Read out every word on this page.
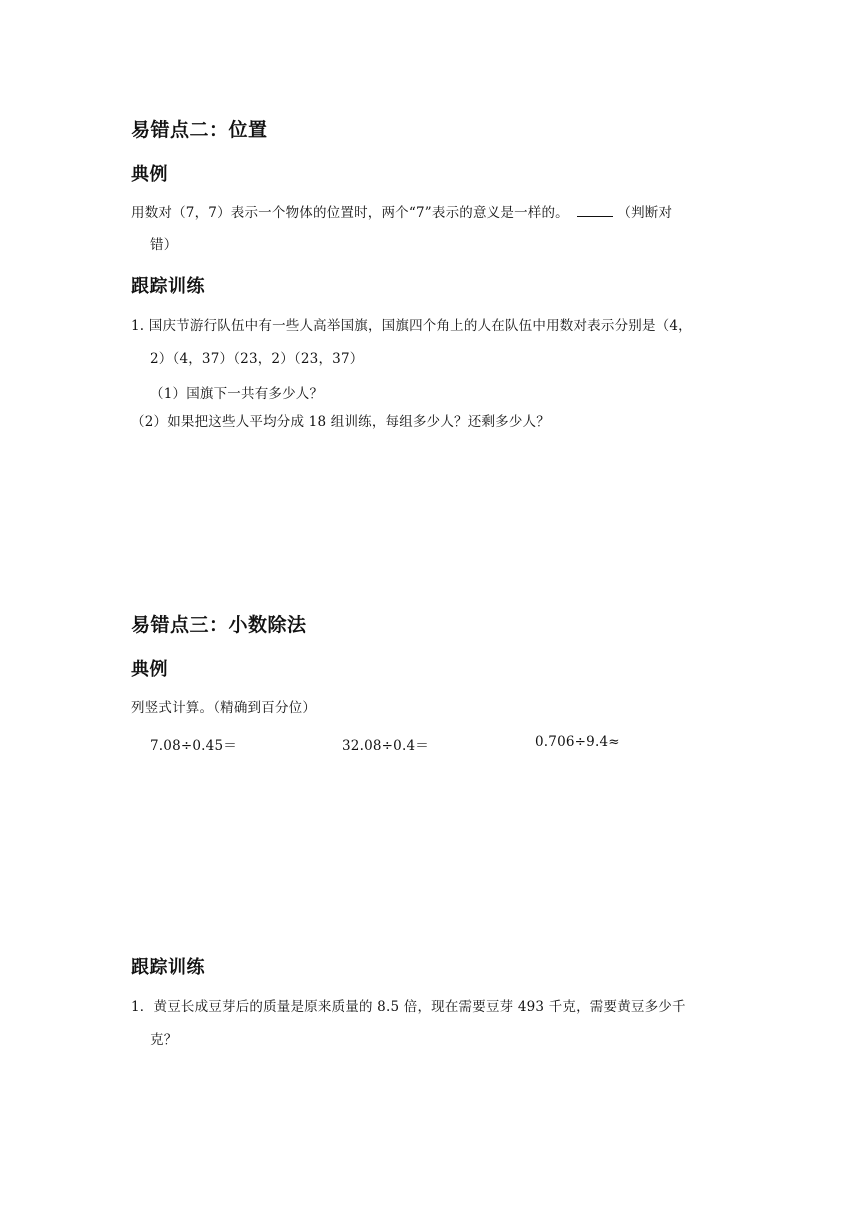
易错点二：位置
典例
用数对（7，7）表示一个物体的位置时，两个“7”表示的意义是一样的。	（判断对
错）
跟踪训练
1. 国庆节游行队伍中有一些人高举国旗，国旗四个角上的人在队伍中用数对表示分别是（4，
2）（4，37）（23，2）（23，37）
（1）国旗下一共有多少人？
（2）如果把这些人平均分成 18 组训练，每组多少人？还剩多少人？
易错点三：小数除法
典例
列竖式计算。（精确到百分位）
7.08÷0.45＝	32.08÷0.4＝	0.706÷9.4≈
跟踪训练
1．黄豆长成豆芽后的质量是原来质量的 8.5 倍，现在需要豆芽 493 千克，需要黄豆多少千
克？
